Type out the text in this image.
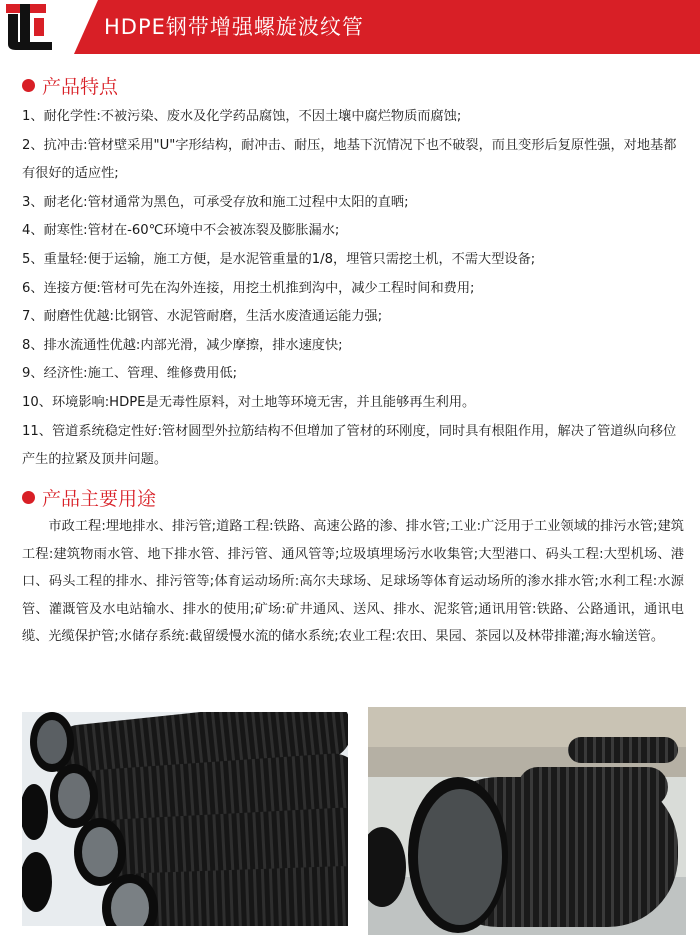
HDPE钢带增强螺旋波纹管
产品特点

1、耐化学性:不被污染、废水及化学药品腐蚀，不因土壤中腐烂物质而腐蚀;

2、抗冲击:管材壁采用"U"字形结构，耐冲击、耐压，地基下沉情况下也不破裂，而且变形后复原性强，对地基都有很好的适应性;

3、耐老化:管材通常为黑色，可承受存放和施工过程中太阳的直晒;

4、耐寒性:管材在-60℃环境中不会被冻裂及膨胀漏水;

5、重量轻:便于运输，施工方便，是水泥管重量的1/8，埋管只需挖土机，不需大型设备;

6、连接方便:管材可先在沟外连接，用挖土机推到沟中，减少工程时间和费用;

7、耐磨性优越:比钢管、水泥管耐磨，生活水废渣通运能力强;

8、排水流通性优越:内部光滑，减少摩擦，排水速度快;

9、经济性:施工、管理、维修费用低;

10、环境影响:HDPE是无毒性原料，对土地等环境无害，并且能够再生利用。

11、管道系统稳定性好:管材圆型外拉筋结构不但增加了管材的环刚度，同时具有根阻作用，解决了管道纵向移位产生的拉紧及顶井问题。

产品主要用途

市政工程:埋地排水、排污管;道路工程:铁路、高速公路的渗、排水管;工业:广泛用于工业领域的排污水管;建筑工程:建筑物雨水管、地下排水管、排污管、通风管等;垃圾填埋场污水收集管;大型港口、码头工程:大型机场、港口、码头工程的排水、排污管等;体育运动场所:高尔夫球场、足球场等体育运动场所的渗水排水管;水利工程:水源管、灌溉管及水电站输水、排水的使用;矿场:矿井通风、送风、排水、泥浆管;通讯用管:铁路、公路通讯，通讯电缆、光缆保护管;水储存系统:截留缓慢水流的储水系统;农业工程:农田、果园、茶园以及林带排灌;海水输送管。
